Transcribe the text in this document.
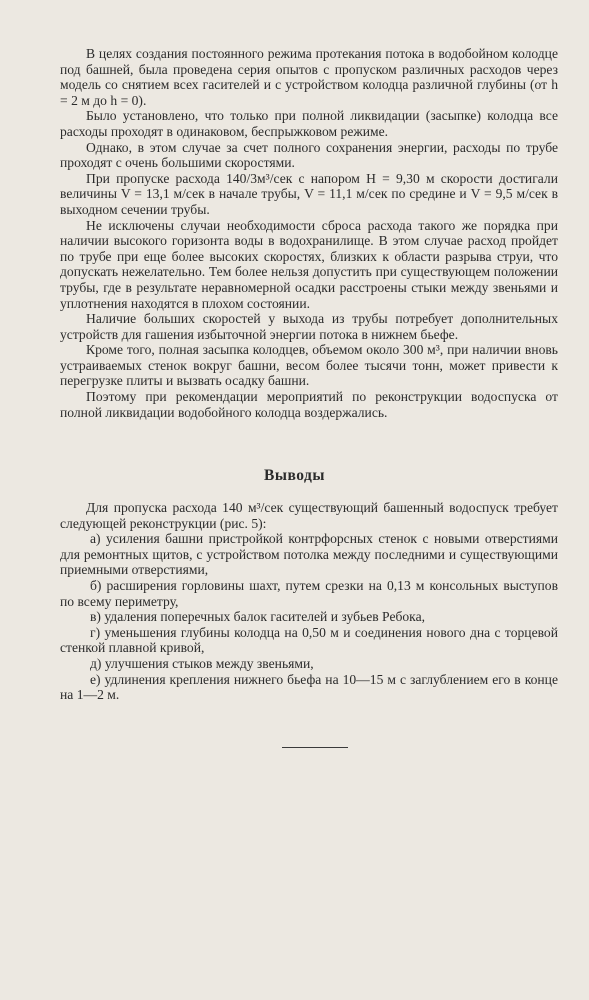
В целях создания постоянного режима протекания потока в водобойном колодце под башней, была проведена серия опытов с пропуском различных расходов через модель со снятием всех гасителей и с устройством колодца различной глубины (от h = 2 м до h = 0).

Было установлено, что только при полной ликвидации (засыпке) колодца все расходы проходят в одинаковом, беспрыжковом режиме.

Однако, в этом случае за счет полного сохранения энергии, расходы по трубе проходят с очень большими скоростями.

При пропуске расхода 140/3м³/сек с напором H = 9,30 м скорости достигали величины V = 13,1 м/сек в начале трубы, V = 11,1 м/сек по средине и V = 9,5 м/сек в выходном сечении трубы.

Не исключены случаи необходимости сброса расхода такого же порядка при наличии высокого горизонта воды в водохранилище. В этом случае расход пройдет по трубе при еще более высоких скоростях, близких к области разрыва струи, что допускать нежелательно. Тем более нельзя допустить при существующем положении трубы, где в результате неравномерной осадки расстроены стыки между звеньями и уплотнения находятся в плохом состоянии.

Наличие больших скоростей у выхода из трубы потребует дополнительных устройств для гашения избыточной энергии потока в нижнем бьефе.

Кроме того, полная засыпка колодцев, объемом около 300 м³, при наличии вновь устраиваемых стенок вокруг башни, весом более тысячи тонн, может привести к перегрузке плиты и вызвать осадку башни.

Поэтому при рекомендации мероприятий по реконструкции водоспуска от полной ликвидации водобойного колодца воздержались.

Выводы

Для пропуска расхода 140 м³/сек существующий башенный водоспуск требует следующей реконструкции (рис. 5):

а) усиления башни пристройкой контрфорсных стенок с новыми отверстиями для ремонтных щитов, с устройством потолка между последними и существующими приемными отверстиями,

б) расширения горловины шахт, путем срезки на 0,13 м консольных выступов по всему периметру,

в) удаления поперечных балок гасителей и зубьев Ребока,

г) уменьшения глубины колодца на 0,50 м и соединения нового дна с торцевой стенкой плавной кривой,

д) улучшения стыков между звеньями,

е) удлинения крепления нижнего бьефа на 10—15 м с заглублением его в конце на 1—2 м.
